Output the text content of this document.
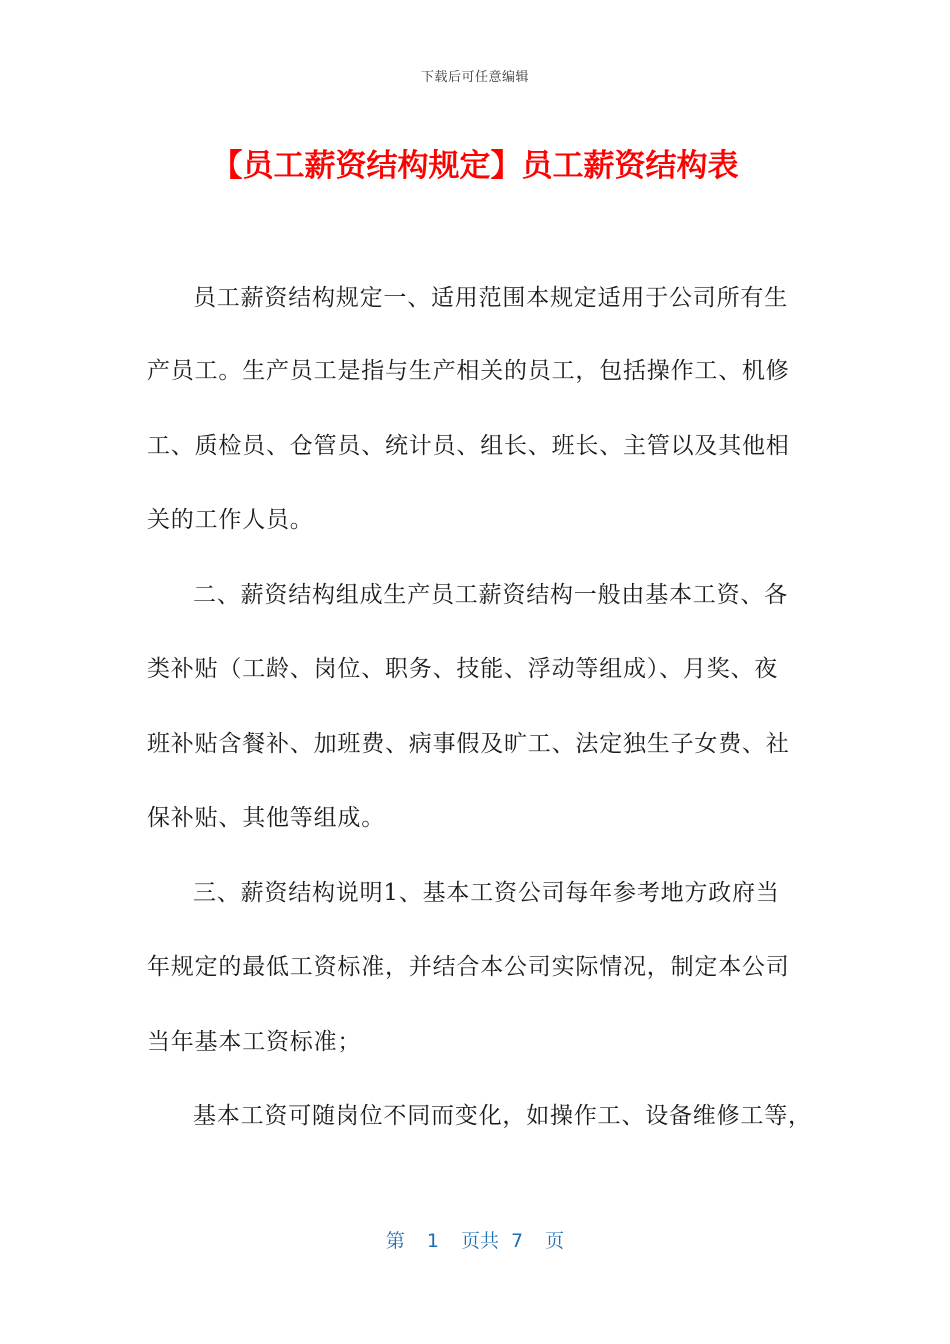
下载后可任意编辑
【员工薪资结构规定】员工薪资结构表
员工薪资结构规定一、适用范围本规定适用于公司所有生
产员工。生产员工是指与生产相关的员工，包括操作工、机修
工、质检员、仓管员、统计员、组长、班长、主管以及其他相
关的工作人员。
二、薪资结构组成生产员工薪资结构一般由基本工资、各
类补贴（工龄、岗位、职务、技能、浮动等组成）、月奖、夜
班补贴含餐补、加班费、病事假及旷工、法定独生子女费、社
保补贴、其他等组成。
三、薪资结构说明1、基本工资公司每年参考地方政府当
年规定的最低工资标准，并结合本公司实际情况，制定本公司
当年基本工资标准；
基本工资可随岗位不同而变化，如操作工、设备维修工等，
第 1 页共 7 页
